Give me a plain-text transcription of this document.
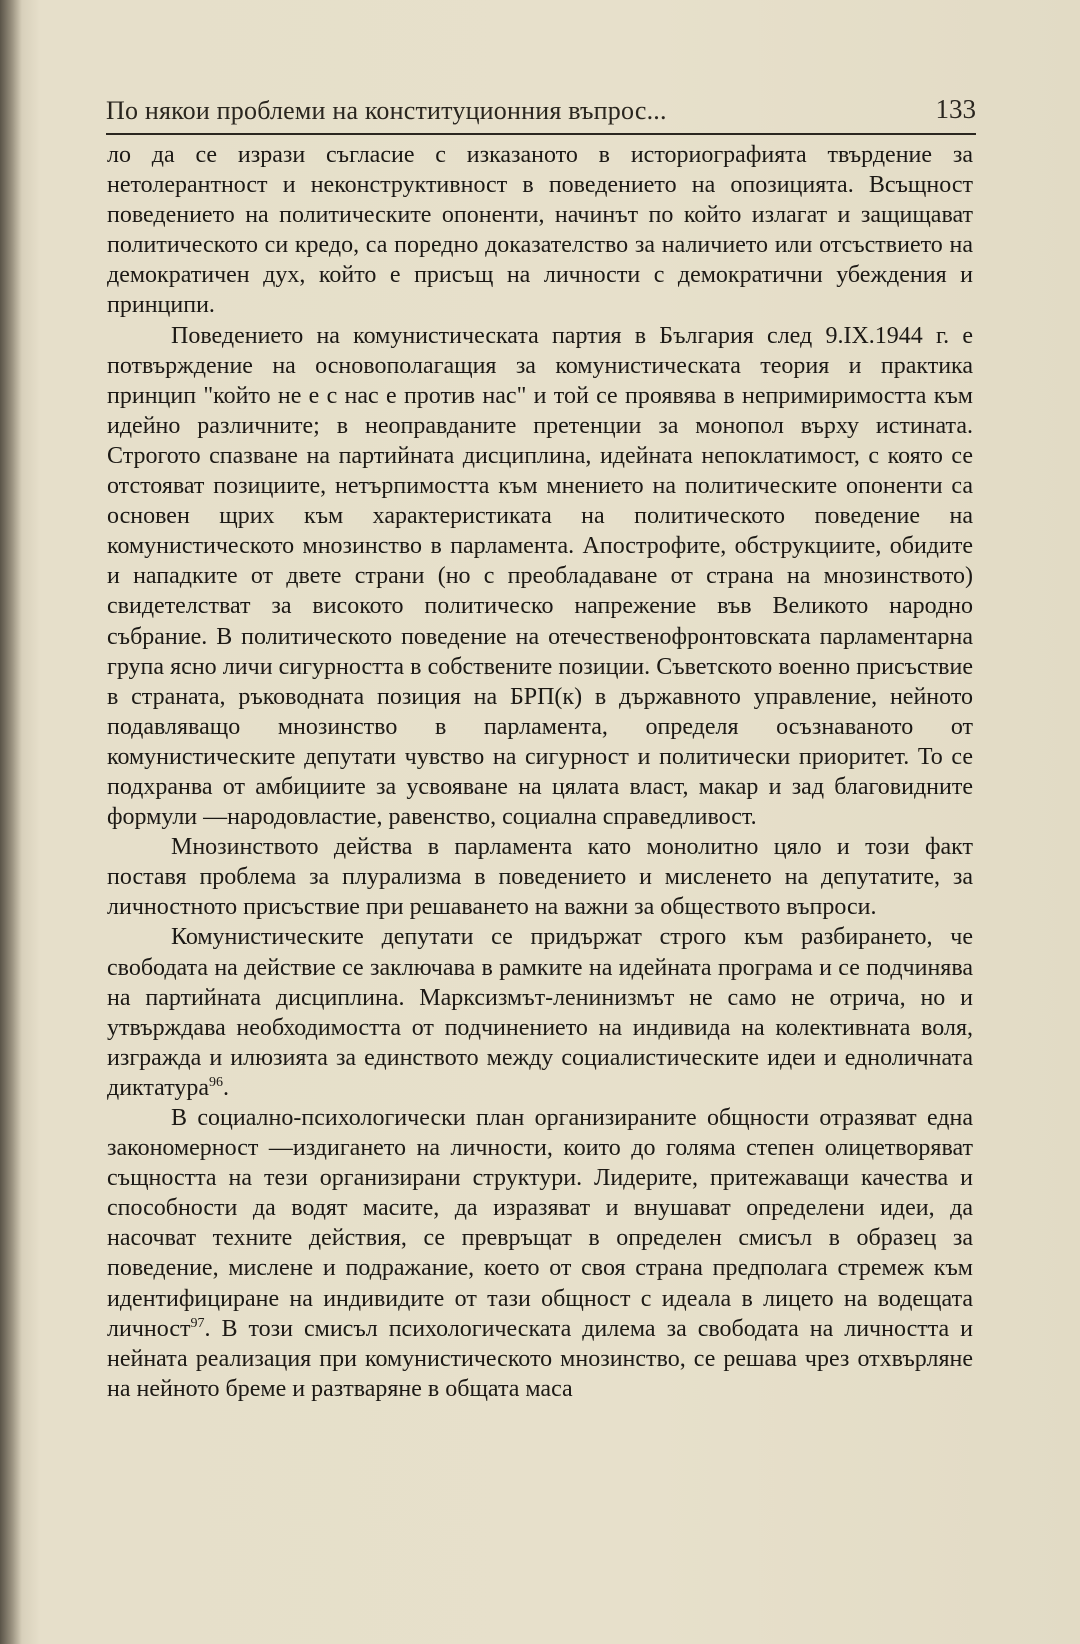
По някои проблеми на конституционния въпрос...	133

ло да се изрази съгласие с изказаното в историографията твърдение за нетолерантност и неконструктивност в поведението на опозицията. Всъщност поведението на политическите опоненти, начинът по който излагат и защищават политическото си кредо, са поредно доказателство за наличието или отсъствието на демократичен дух, който е присъщ на личности с демократични убеждения и принципи.

Поведението на комунистическата партия в България след 9.IX.1944 г. е потвърждение на основополагащия за комунистическата теория и практика принцип "който не е с нас е против нас" и той се проявява в непримиримостта към идейно различните; в неоправданите претенции за монопол върху истината. Строгото спазване на партийната дисциплина, идейната непоклатимост, с която се отстояват позициите, нетърпимостта към мнението на политическите опоненти са основен щрих към характеристиката на политическото поведение на комунистическото мнозинство в парламента. Апострофите, обструкциите, обидите и нападките от двете страни (но с преобладаване от страна на мнозинството) свидетелстват за високото политическо напрежение във Великото народно събрание. В политическото поведение на отечественофронтовската парламентарна група ясно личи сигурността в собствените позиции. Съветското военно присъствие в страната, ръководната позиция на БРП(к) в държавното управление, нейното подавляващо мнозинство в парламента, определя осъзнаваното от комунистическите депутати чувство на сигурност и политически приоритет. То се подхранва от амбициите за усвояване на цялата власт, макар и зад благовидните формули —народовластие, равенство, социална справедливост.

Мнозинството действа в парламента като монолитно цяло и този факт поставя проблема за плурализма в поведението и мисленето на депутатите, за личностното присъствие при решаването на важни за обществото въпроси.

Комунистическите депутати се придържат строго към разбирането, че свободата на действие се заключава в рамките на идейната програма и се подчинява на партийната дисциплина. Марксизмът-ленинизмът не само не отрича, но и утвърждава необходимостта от подчинението на индивида на колективната воля, изгражда и илюзията за единството между социалистическите идеи и едноличната диктатура$^{96}$.

В социално-психологически план организираните общности отразяват една закономерност —издигането на личности, които до голяма степен олицетворяват същността на тези организирани структури. Лидерите, притежаващи качества и способности да водят масите, да изразяват и внушават определени идеи, да насочват техните действия, се превръщат в определен смисъл в образец за поведение, мислене и подражание, което от своя страна предполага стремеж към идентифициране на индивидите от тази общност с идеала в лицето на водещата личност$^{97}$. В този смисъл психологическата дилема за свободата на личността и нейната реализация при комунистическото мнозинство, се решава чрез отхвърляне на нейното бреме и разтваряне в общата маса
